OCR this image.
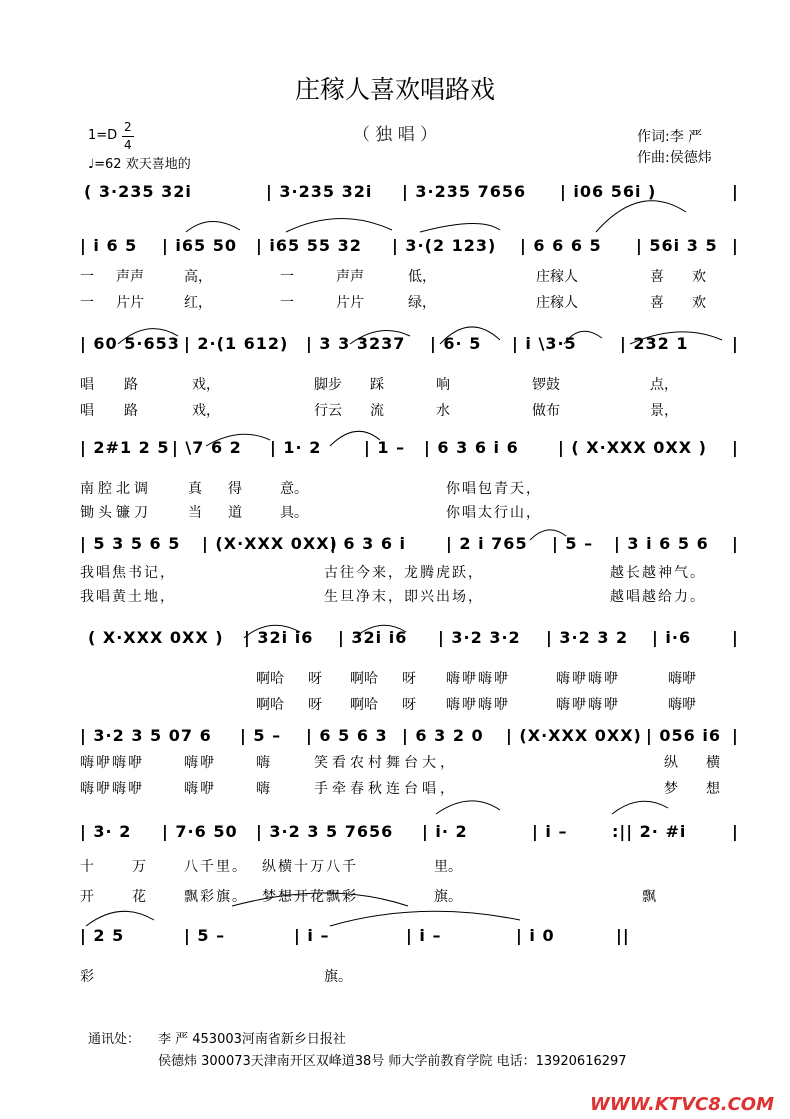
庄稼人喜欢唱路戏
（ 独 唱 ）
1=D
2
4
♩=62 欢天喜地的
作词:李 严
作曲:侯德炜
( 3·235 32i	| 3·235 32i | 3·235 7656 | i06 56i )	|
| i 6 5 | i65 50 | i65 55 32 | 3·(2 123) | 6 6 6 5 | 56i 3 5 |
| 60 5·653 | 2·(1 612) | 3 3 3237 | 6· 5 | i \3·5	| 232 1	|
| 2#1 2 5 | \7 6 2 | 1· 2	| 1 – | 6 3 6 i 6 | ( X·XXX 0XX ) |
| 5 3 5 6 5 | (X·XXX 0XX)
| 6 3 6 i | 2 i 765 | 5 – | 3 i 6 5 6 |
( X·XXX 0XX ) | 32i i6 | 32i i6 | 3·2 3·2 | 3·2 3 2 | i·6	|
| 3·2 3 5 07 6 | 5 – | 6 5 6 3 | 6 3 2 0 | (X·XXX 0XX) | 056 i6 |
| 3· 2 | 7·6 50 | 3·2 3 5 7656 | i· 2	| i –	:|| 2· #i	|
| 2 5	| 5 –	| i –	| i –	| i 0	||
一 声声	高，	一	声声	低，	庄稼人	喜 欢
一 片片	红，	一	片片	绿，	庄稼人	喜 欢
唱 路	戏，	脚步 踩	响	锣鼓	点，
唱 路	戏，	行云 流	水	做布	景，
南腔北调	真 得	意。	你唱包青天，
锄头镰刀	当 道	具。	你唱太行山，
我唱焦书记，	古往今来，龙腾虎跃，	越长越神气。
我唱黄土地，	生旦净末，即兴出场，	越唱越给力。
啊哈 呀 啊哈 呀 嗨咿嗨咿	嗨咿嗨咿	嗨咿
啊哈 呀 啊哈 呀 嗨咿嗨咿	嗨咿嗨咿	嗨咿
嗨咿嗨咿	嗨咿	嗨	笑看农村舞台大，	纵 横
嗨咿嗨咿	嗨咿	嗨	手牵春秋连台唱，	梦 想
十	万	八千里。 纵横十万八千	里。
开	花	飘彩旗。 梦想开花飘彩	旗。	飘
彩	旗。
通讯处： 李 严 453003河南省新乡日报社
侯德炜 300073天津南开区双峰道38号 师大学前教育学院 电话：13920616297
WWW.KTVC8.COM
